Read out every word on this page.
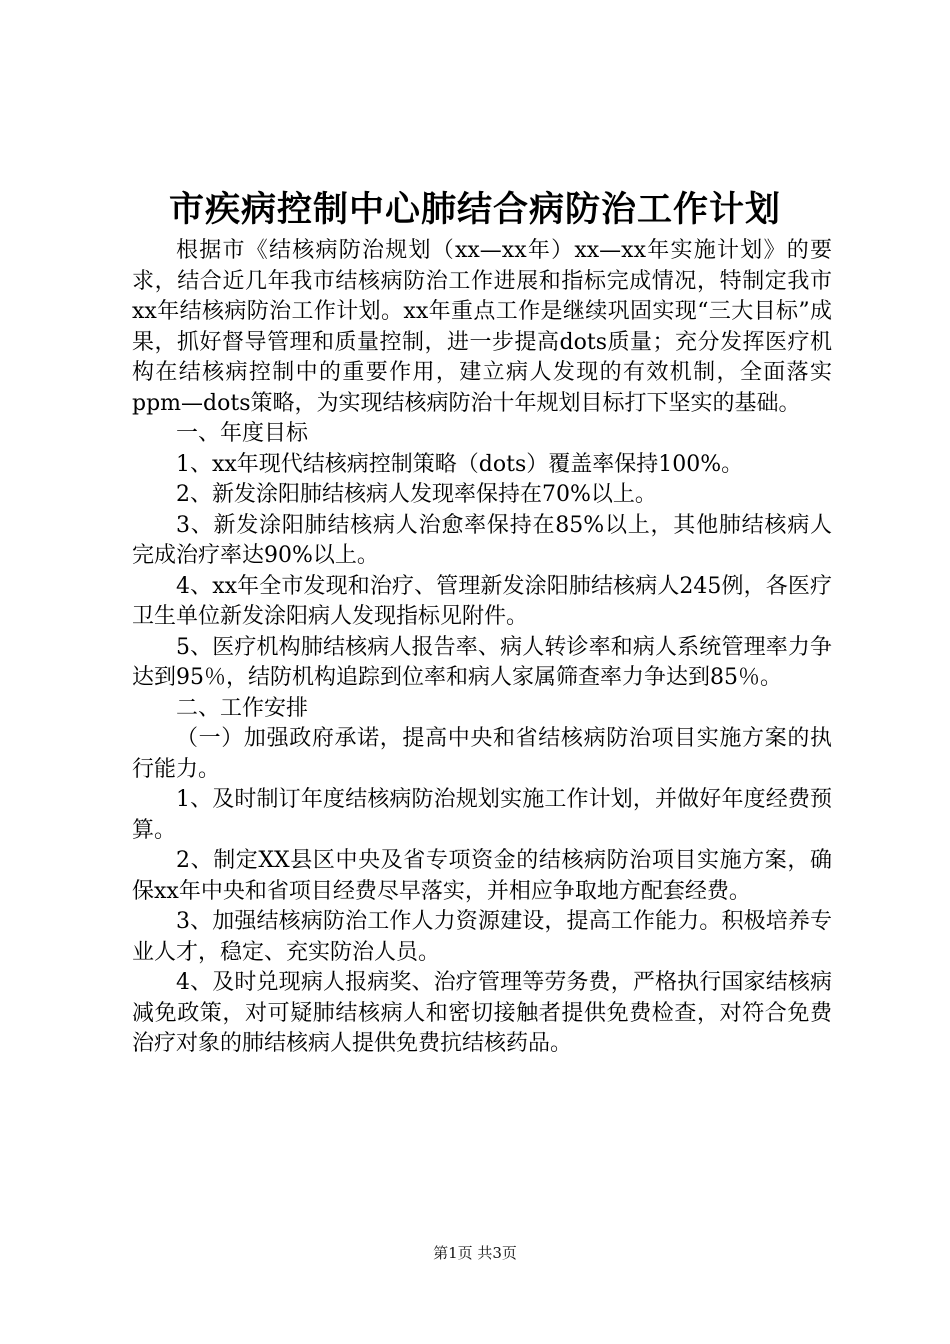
市疾病控制中心肺结合病防治工作计划

根据市《结核病防治规划（xx—xx年）xx—xx年实施计划》的要求，结合近几年我市结核病防治工作进展和指标完成情况，特制定我市xx年结核病防治工作计划。xx年重点工作是继续巩固实现“三大目标”成果，抓好督导管理和质量控制，进一步提高dots质量；充分发挥医疗机构在结核病控制中的重要作用，建立病人发现的有效机制，全面落实ppm—dots策略，为实现结核病防治十年规划目标打下坚实的基础。

一、年度目标

1、xx年现代结核病控制策略（dots）覆盖率保持100%。

2、新发涂阳肺结核病人发现率保持在70%以上。

3、新发涂阳肺结核病人治愈率保持在85%以上，其他肺结核病人完成治疗率达90%以上。

4、xx年全市发现和治疗、管理新发涂阳肺结核病人245例，各医疗卫生单位新发涂阳病人发现指标见附件。

5、医疗机构肺结核病人报告率、病人转诊率和病人系统管理率力争达到95％，结防机构追踪到位率和病人家属筛查率力争达到85％。

二、工作安排

（一）加强政府承诺，提高中央和省结核病防治项目实施方案的执行能力。

1、及时制订年度结核病防治规划实施工作计划，并做好年度经费预算。

2、制定XX县区中央及省专项资金的结核病防治项目实施方案，确保xx年中央和省项目经费尽早落实，并相应争取地方配套经费。

3、加强结核病防治工作人力资源建设，提高工作能力。积极培养专业人才，稳定、充实防治人员。

4、及时兑现病人报病奖、治疗管理等劳务费，严格执行国家结核病减免政策，对可疑肺结核病人和密切接触者提供免费检查，对符合免费治疗对象的肺结核病人提供免费抗结核药品。

第1页 共3页
